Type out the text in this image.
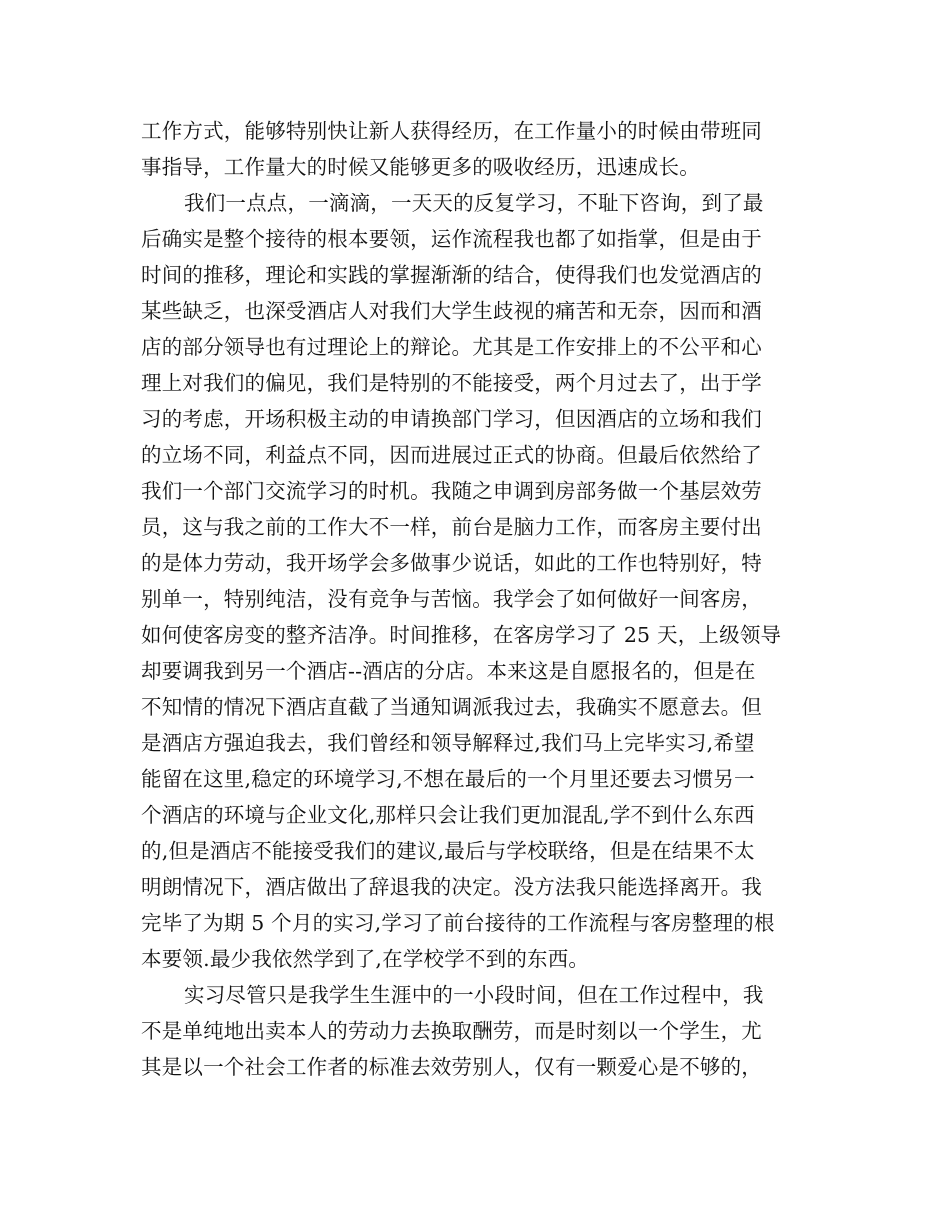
工作方式，能够特别快让新人获得经历，在工作量小的时候由带班同

事指导，工作量大的时候又能够更多的吸收经历，迅速成长。

我们一点点，一滴滴，一天天的反复学习，不耻下咨询，到了最

后确实是整个接待的根本要领，运作流程我也都了如指掌，但是由于

时间的推移，理论和实践的掌握渐渐的结合，使得我们也发觉酒店的

某些缺乏，也深受酒店人对我们大学生歧视的痛苦和无奈，因而和酒

店的部分领导也有过理论上的辩论。尤其是工作安排上的不公平和心

理上对我们的偏见，我们是特别的不能接受，两个月过去了，出于学

习的考虑，开场积极主动的申请换部门学习，但因酒店的立场和我们

的立场不同，利益点不同，因而进展过正式的协商。但最后依然给了

我们一个部门交流学习的时机。我随之申调到房部务做一个基层效劳

员，这与我之前的工作大不一样，前台是脑力工作，而客房主要付出

的是体力劳动，我开场学会多做事少说话，如此的工作也特别好，特

别单一，特别纯洁，没有竞争与苦恼。我学会了如何做好一间客房，

如何使客房变的整齐洁净。时间推移，在客房学习了 25 天，上级领导

却要调我到另一个酒店--酒店的分店。本来这是自愿报名的，但是在

不知情的情况下酒店直截了当通知调派我过去，我确实不愿意去。但

是酒店方强迫我去，我们曾经和领导解释过,我们马上完毕实习,希望

能留在这里,稳定的环境学习,不想在最后的一个月里还要去习惯另一

个酒店的环境与企业文化,那样只会让我们更加混乱,学不到什么东西

的,但是酒店不能接受我们的建议,最后与学校联络，但是在结果不太

明朗情况下，酒店做出了辞退我的决定。没方法我只能选择离开。我

完毕了为期 5 个月的实习,学习了前台接待的工作流程与客房整理的根

本要领.最少我依然学到了,在学校学不到的东西。

实习尽管只是我学生生涯中的一小段时间，但在工作过程中，我

不是单纯地出卖本人的劳动力去换取酬劳，而是时刻以一个学生，尤

其是以一个社会工作者的标准去效劳别人，仅有一颗爱心是不够的，
